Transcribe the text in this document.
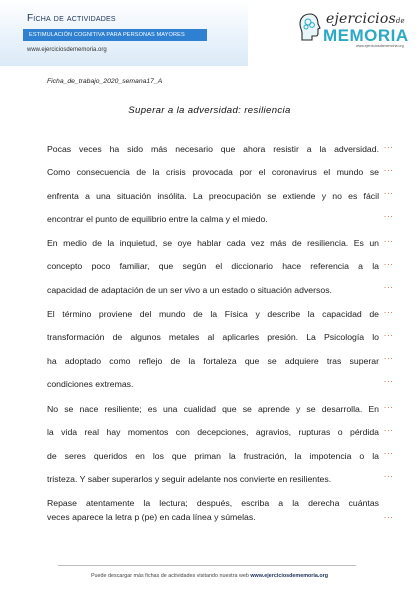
Ficha de actividades
ESTIMULACIÓN COGNITIVA PARA PERSONAS MAYORES
www.ejerciciosdememoria.org
ejerciciosde
MEMORIA
www.ejerciciosdememoria.org
Ficha_de_trabajo_2020_semana17_A
Superar a la adversidad: resiliencia
Pocas veces ha sido más necesario que ahora resistir a la adversidad.
Como consecuencia de la crisis provocada por el coronavirus el mundo se
enfrenta a una situación insólita. La preocupación se extiende y no es fácil
encontrar el punto de equilibrio entre la calma y el miedo.
...
...
...
...
En medio de la inquietud, se oye hablar cada vez más de resiliencia. Es un
concepto poco familiar, que según el diccionario hace referencia a la
capacidad de adaptación de un ser vivo a un estado o situación adversos.
...
...
...
El término proviene del mundo de la Física y describe la capacidad de
transformación de algunos metales al aplicarles presión. La Psicología lo
ha adoptado como reflejo de la fortaleza que se adquiere tras superar
condiciones extremas.
...
...
...
...
No se nace resiliente; es una cualidad que se aprende y se desarrolla. En
la vida real hay momentos con decepciones, agravios, rupturas o pérdida
de seres queridos en los que priman la frustración, la impotencia o la
tristeza. Y saber superarlos y seguir adelante nos convierte en resilientes.
...
...
...
...
Repase atentamente la lectura; después, escriba a la derecha cuántas
veces aparece la letra p (pe) en cada línea y súmelas.	...
Puede descargar más fichas de actividades visitando nuestra web www.ejerciciosdememoria.org
